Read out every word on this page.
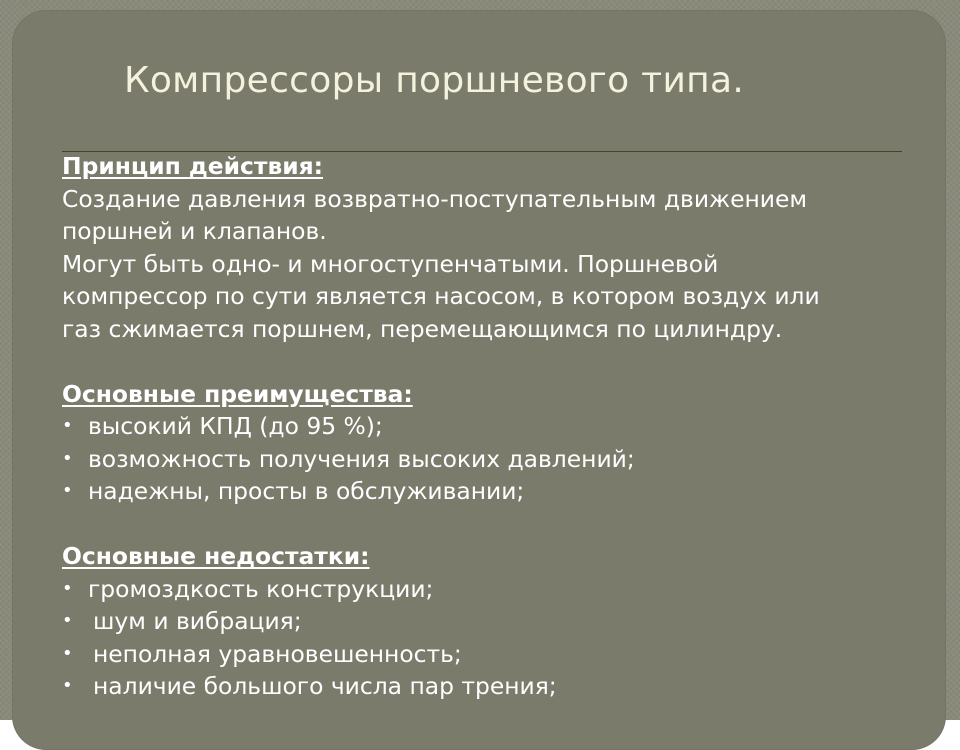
Компрессоры поршневого типа.
Принцип действия:
Создание давления возвратно-поступательным движением
поршней и клапанов.
Могут быть одно- и многоступенчатыми. Поршневой
компрессор по сути является насосом, в котором воздух или
газ сжимается поршнем, перемещающимся по цилиндру.
Основные преимущества:
• высокий КПД (до 95 %);
• возможность получения высоких давлений;
• надежны, просты в обслуживании;
Основные недостатки:
• громоздкость конструкции;
• шум и вибрация;
• неполная уравновешенность;
• наличие большого числа пар трения;
